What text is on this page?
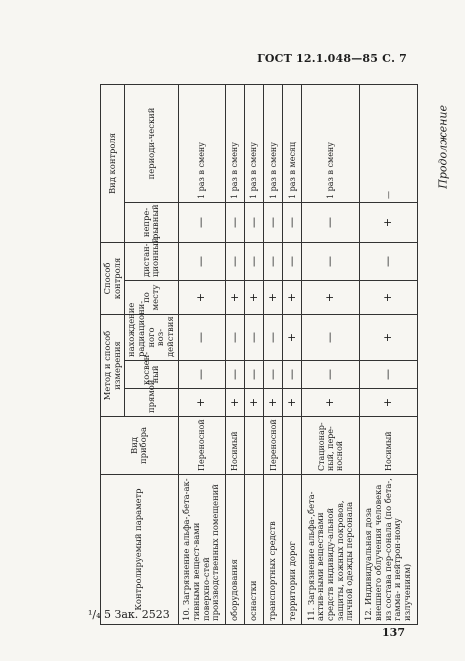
ГОСТ 12.1.048—85 С. 7
Продолжение
Контролируемый параметр	Вид прибора	Метод и способ измерения			Способ контроля		Вид контроля	
		прямой	косвен-ный	нахождение радиациони-ного воз-действия	по месту	дистан-ционный	непре-рывный	периоди-ческий
10. Загрязнение альфа-,бета-ак-тивными вещест-вами поверхно-стей производственных помещений	Переносной	+	—	—	+	—	—	1 раз в смену
оборудования	Носимый	+	—	—	+	—	—	1 раз в смену
оснастки		+	—	—	+	—	—	1 раз в смену
транспортных средств	Переносной	+	—	—	+	—	—	1 раз в смену
территории дорог		+	—	+	+	—	—	1 раз в месяц
11. Загрязнение альфа-,бета-актив-ными веществами средств индивиду-альной защиты, кожных покровов, личной одежды персонала	Стационар-ный, пере-носной	+	—	—	+	—	—	1 раз в смену
12. Индивидуальная доза внешнего облучения человека из состава пер-сонала (по бета-, гамма- и нейтрон-ному излучениям)	Носимый	+	—	+	+	—	+	—
¹/₄ 5 Зак. 2523
137
